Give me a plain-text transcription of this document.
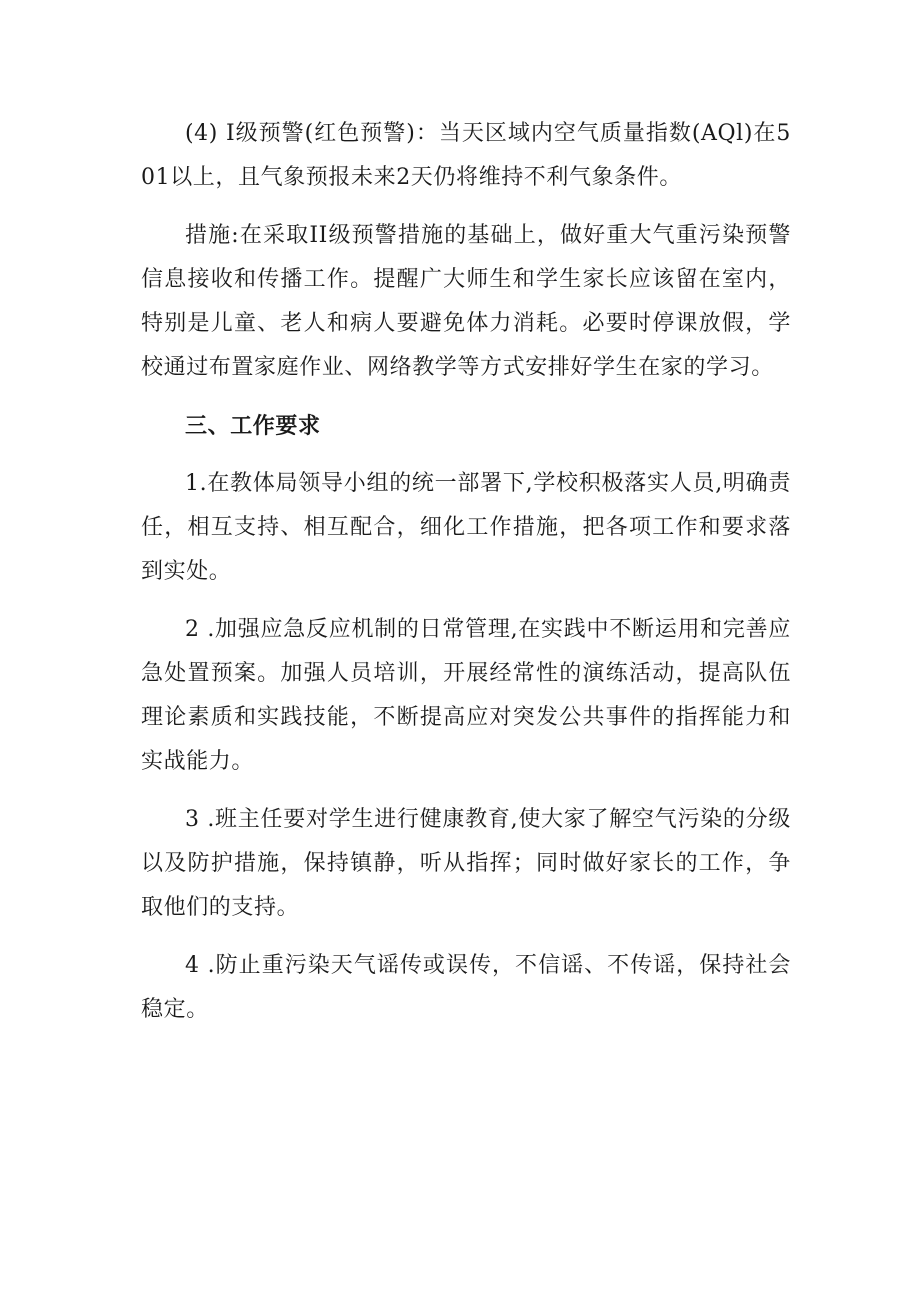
(4) I级预警(红色预警)：当天区域内空气质量指数(AQl)在501以上，且气象预报未来2天仍将维持不利气象条件。

措施:在采取II级预警措施的基础上，做好重大气重污染预警信息接收和传播工作。提醒广大师生和学生家长应该留在室内，特别是儿童、老人和病人要避免体力消耗。必要时停课放假，学校通过布置家庭作业、网络教学等方式安排好学生在家的学习。

三、工作要求

1.在教体局领导小组的统一部署下,学校积极落实人员,明确责任，相互支持、相互配合，细化工作措施，把各项工作和要求落到实处。

2 .加强应急反应机制的日常管理,在实践中不断运用和完善应急处置预案。加强人员培训，开展经常性的演练活动，提高队伍理论素质和实践技能，不断提高应对突发公共事件的指挥能力和实战能力。

3 .班主任要对学生进行健康教育,使大家了解空气污染的分级以及防护措施，保持镇静，听从指挥；同时做好家长的工作，争取他们的支持。

4 .防止重污染天气谣传或误传，不信谣、不传谣，保持社会稳定。
